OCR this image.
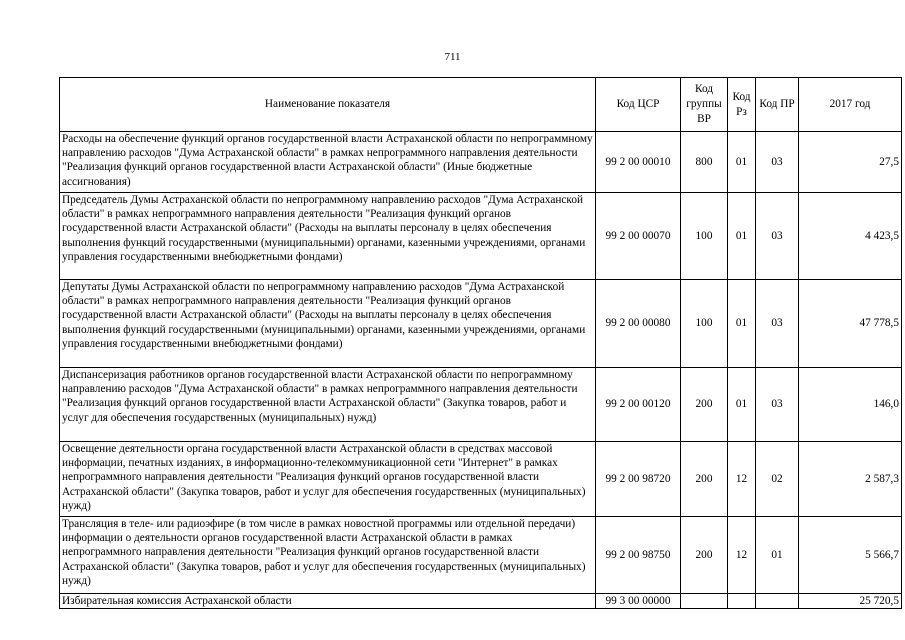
711
Наименование показателя	Код ЦСР	Код группы ВР	Код Рз	Код ПР	2017 год
Расходы на обеспечение функций органов государственной власти Астраханской области по непрограммному направлению расходов "Дума Астраханской области" в рамках непрограммного направления деятельности "Реализация функций органов государственной власти Астраханской области" (Иные бюджетные ассигнования)	99 2 00 00010	800	01	03	27,5
Председатель Думы Астраханской области по непрограммному направлению расходов "Дума Астраханской области" в рамках непрограммного направления деятельности "Реализация функций органов государственной власти Астраханской области" (Расходы на выплаты персоналу в целях обеспечения выполнения функций государственными (муниципальными) органами, казенными учреждениями, органами управления государственными внебюджетными фондами)	99 2 00 00070	100	01	03	4 423,5
Депутаты Думы Астраханской области по непрограммному направлению расходов "Дума Астраханской области" в рамках непрограммного направления деятельности "Реализация функций органов государственной власти Астраханской области" (Расходы на выплаты персоналу в целях обеспечения выполнения функций государственными (муниципальными) органами, казенными учреждениями, органами управления государственными внебюджетными фондами)	99 2 00 00080	100	01	03	47 778,5
Диспансеризация работников органов государственной власти Астраханской области по непрограммному направлению расходов "Дума Астраханской области" в рамках непрограммного направления деятельности "Реализация функций органов государственной власти Астраханской области" (Закупка товаров, работ и услуг для обеспечения государственных (муниципальных) нужд)	99 2 00 00120	200	01	03	146,0
Освещение деятельности органа государственной власти Астраханской области в средствах массовой информации, печатных изданиях, в информационно-телекоммуникационной сети "Интернет" в рамках непрограммного направления деятельности "Реализация функций органов государственной власти Астраханской области" (Закупка товаров, работ и услуг для обеспечения государственных (муниципальных) нужд)	99 2 00 98720	200	12	02	2 587,3
Трансляция в теле- или радиоэфире (в том числе в рамках новостной программы или отдельной передачи) информации о деятельности органов государственной власти Астраханской области в рамках непрограммного направления деятельности "Реализация функций органов государственной власти Астраханской области" (Закупка товаров, работ и услуг для обеспечения государственных (муниципальных) нужд)	99 2 00 98750	200	12	01	5 566,7
Избирательная комиссия Астраханской области	99 3 00 00000				25 720,5
